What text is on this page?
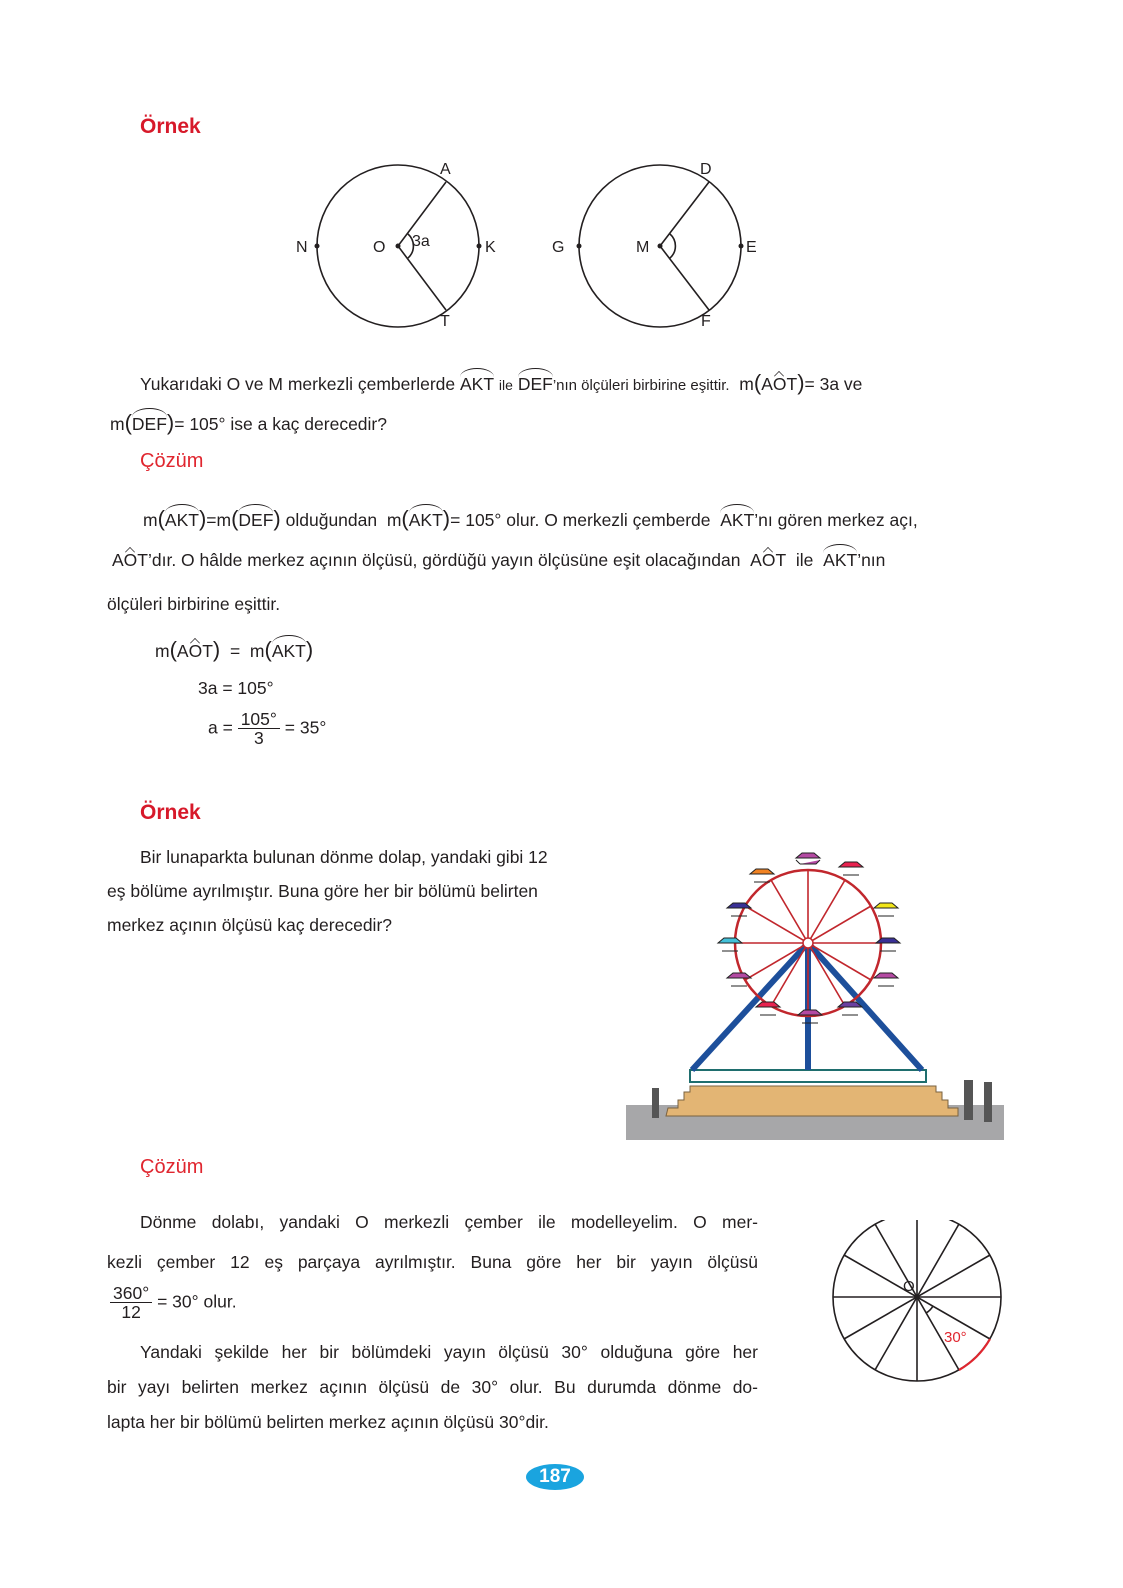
Örnek
N	O 3a	K
A
T
G	M	E
D
F
Yukarıdaki O ve M merkezli çemberlerde AKT ile DEF’nın ölçüleri birbirine eşittir. m(AOT)= 3a ve
m(DEF)= 105° ise a kaç derecedir?
Çözüm
m(AKT)=m(DEF) olduğundan m(AKT)= 105° olur. O merkezli çemberde AKT’nı gören merkez açı,
AOT’dır. O hâlde merkez açının ölçüsü, gördüğü yayın ölçüsüne eşit olacağından AOT ile AKT’nın
ölçüleri birbirine eşittir.
m(AOT) = m(AKT)
3a = 105°
$a = \frac{105^\circ}{3} = 35^\circ$
Örnek
Bir lunaparkta bulunan dönme dolap, yandaki gibi 12
eş bölüme ayrılmıştır. Buna göre her bir bölümü belirten
merkez açının ölçüsü kaç derecedir?
Çözüm
Dönme dolabı, yandaki O merkezli çember ile modelleyelim. O mer-
kezli çember 12 eş parçaya ayrılmıştır. Buna göre her bir yayın ölçüsü
$\frac{360^\circ}{12} = 30^\circ$ olur.
Yandaki şekilde her bir bölümdeki yayın ölçüsü 30° olduğuna göre her
bir yayı belirten merkez açının ölçüsü de 30° olur. Bu durumda dönme do-
lapta her bir bölümü belirten merkez açının ölçüsü 30°dir.
O
30°
187
